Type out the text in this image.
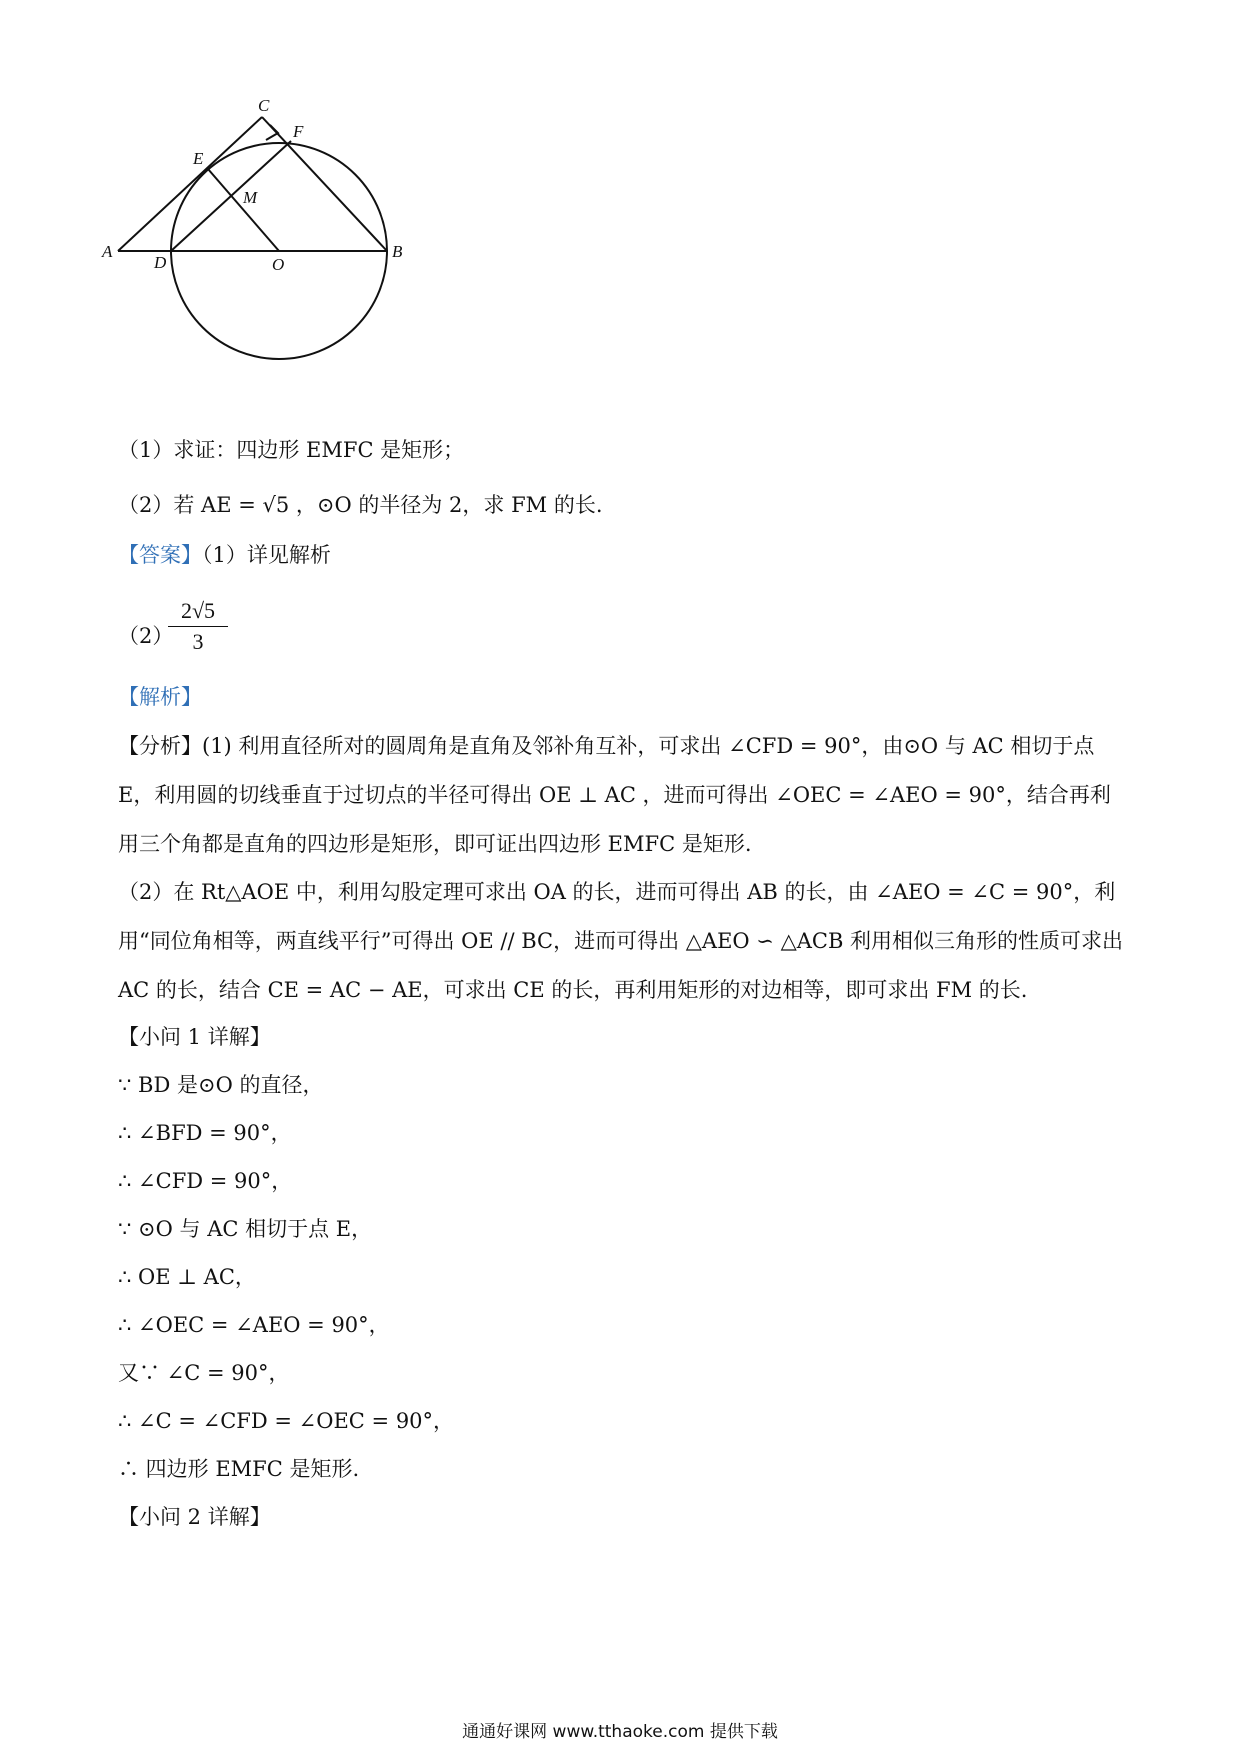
C
F
E
M
A
D	O
B
（1）求证：四边形 EMFC 是矩形；
（2）若 AE = √5 ，⊙O 的半径为 2，求 FM 的长.
【答案】（1）详见解析
（2）
$\frac{2√5}{3}$
【解析】
【分析】(1) 利用直径所对的圆周角是直角及邻补角互补，可求出 ∠CFD = 90°，由⊙O 与 AC 相切于点 E，利用圆的切线垂直于过切点的半径可得出 OE ⊥ AC ，进而可得出 ∠OEC = ∠AEO = 90°，结合再利用三个角都是直角的四边形是矩形，即可证出四边形 EMFC 是矩形.
（2）在 Rt△AOE 中，利用勾股定理可求出 OA 的长，进而可得出 AB 的长，由 ∠AEO = ∠C = 90°，利用“同位角相等，两直线平行”可得出 OE // BC，进而可得出 △AEO ∽ △ACB 利用相似三角形的性质可求出 AC 的长，结合 CE = AC − AE，可求出 CE 的长，再利用矩形的对边相等，即可求出 FM 的长.
【小问 1 详解】
∵ BD 是⊙O 的直径，
∴ ∠BFD = 90°，
∴ ∠CFD = 90°，
∵ ⊙O 与 AC 相切于点 E，
∴ OE ⊥ AC，
∴ ∠OEC = ∠AEO = 90°，
又∵ ∠C = 90°，
∴ ∠C = ∠CFD = ∠OEC = 90°，
∴ 四边形 EMFC 是矩形.
【小问 2 详解】
通通好课网 www.tthaoke.com 提供下载
